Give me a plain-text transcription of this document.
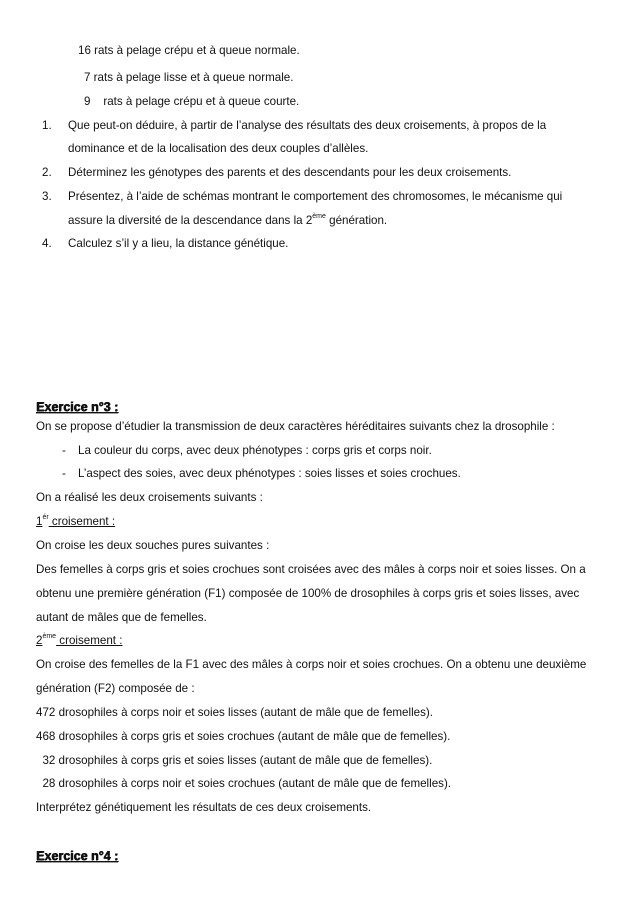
16 rats à pelage crépu et à queue normale.
7 rats à pelage lisse et à queue normale.
9    rats à pelage crépu et à queue courte.
1. Que peut-on déduire, à partir de l’analyse des résultats des deux croisements, à propos de la
dominance et de la localisation des deux couples d’allèles.
2. Déterminez les génotypes des parents et des descendants pour les deux croisements.
3. Présentez, à l’aide de schémas montrant le comportement des chromosomes, le mécanisme qui
assure la diversité de la descendance dans la 2ème génération.
4. Calculez s’il y a lieu, la distance génétique.
Exercice n°3 :
On se propose d’étudier la transmission de deux caractères héréditaires suivants chez la drosophile :
- La couleur du corps, avec deux phénotypes : corps gris et corps noir.
- L’aspect des soies, avec deux phénotypes : soies lisses et soies crochues.
On a réalisé les deux croisements suivants :
$1^{ér}$ croisement :
On croise les deux souches pures suivantes :
Des femelles à corps gris et soies crochues sont croisées avec des mâles à corps noir et soies lisses. On a
obtenu une première génération (F1) composée de 100% de drosophiles à corps gris et soies lisses, avec
autant de mâles que de femelles.
2ème croisement :
On croise des femelles de la F1 avec des mâles à corps noir et soies crochues. On a obtenu une deuxième
génération (F2) composée de :
472 drosophiles à corps noir et soies lisses (autant de mâle que de femelles).
468 drosophiles à corps gris et soies crochues (autant de mâle que de femelles).
32 drosophiles à corps gris et soies lisses (autant de mâle que de femelles).
28 drosophiles à corps noir et soies crochues (autant de mâle que de femelles).
Interprétez génétiquement les résultats de ces deux croisements.
Exercice n°4 :
